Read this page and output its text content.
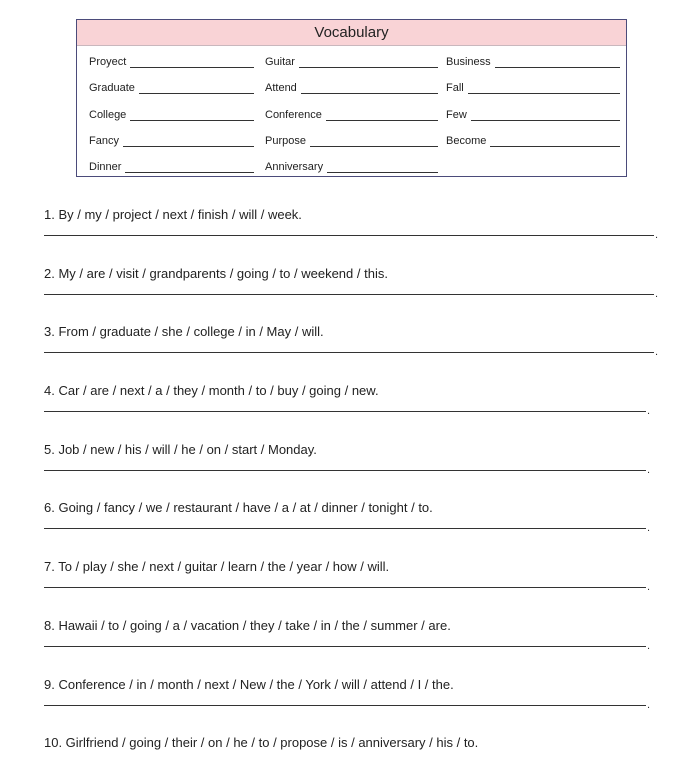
Vocabulary
Proyect
Graduate
College
Fancy
Dinner
Guitar
Attend
Conference
Purpose
Anniversary
Business
Fall
Few
Become
1. By / my / project / next / finish / will / week.
.
2. My / are / visit / grandparents / going / to / weekend / this.
.
3. From / graduate / she / college / in / May / will.
.
4. Car / are / next / a / they / month / to / buy / going / new.
.
5. Job / new / his / will / he / on / start / Monday.
.
6. Going / fancy / we / restaurant / have / a / at / dinner / tonight / to.
.
7. To / play / she / next / guitar / learn / the / year / how / will.
.
8. Hawaii / to / going / a / vacation / they / take / in / the / summer / are.
.
9. Conference / in / month / next / New / the / York / will / attend / I / the.
.
10. Girlfriend / going / their / on / he / to / propose / is / anniversary / his / to.
